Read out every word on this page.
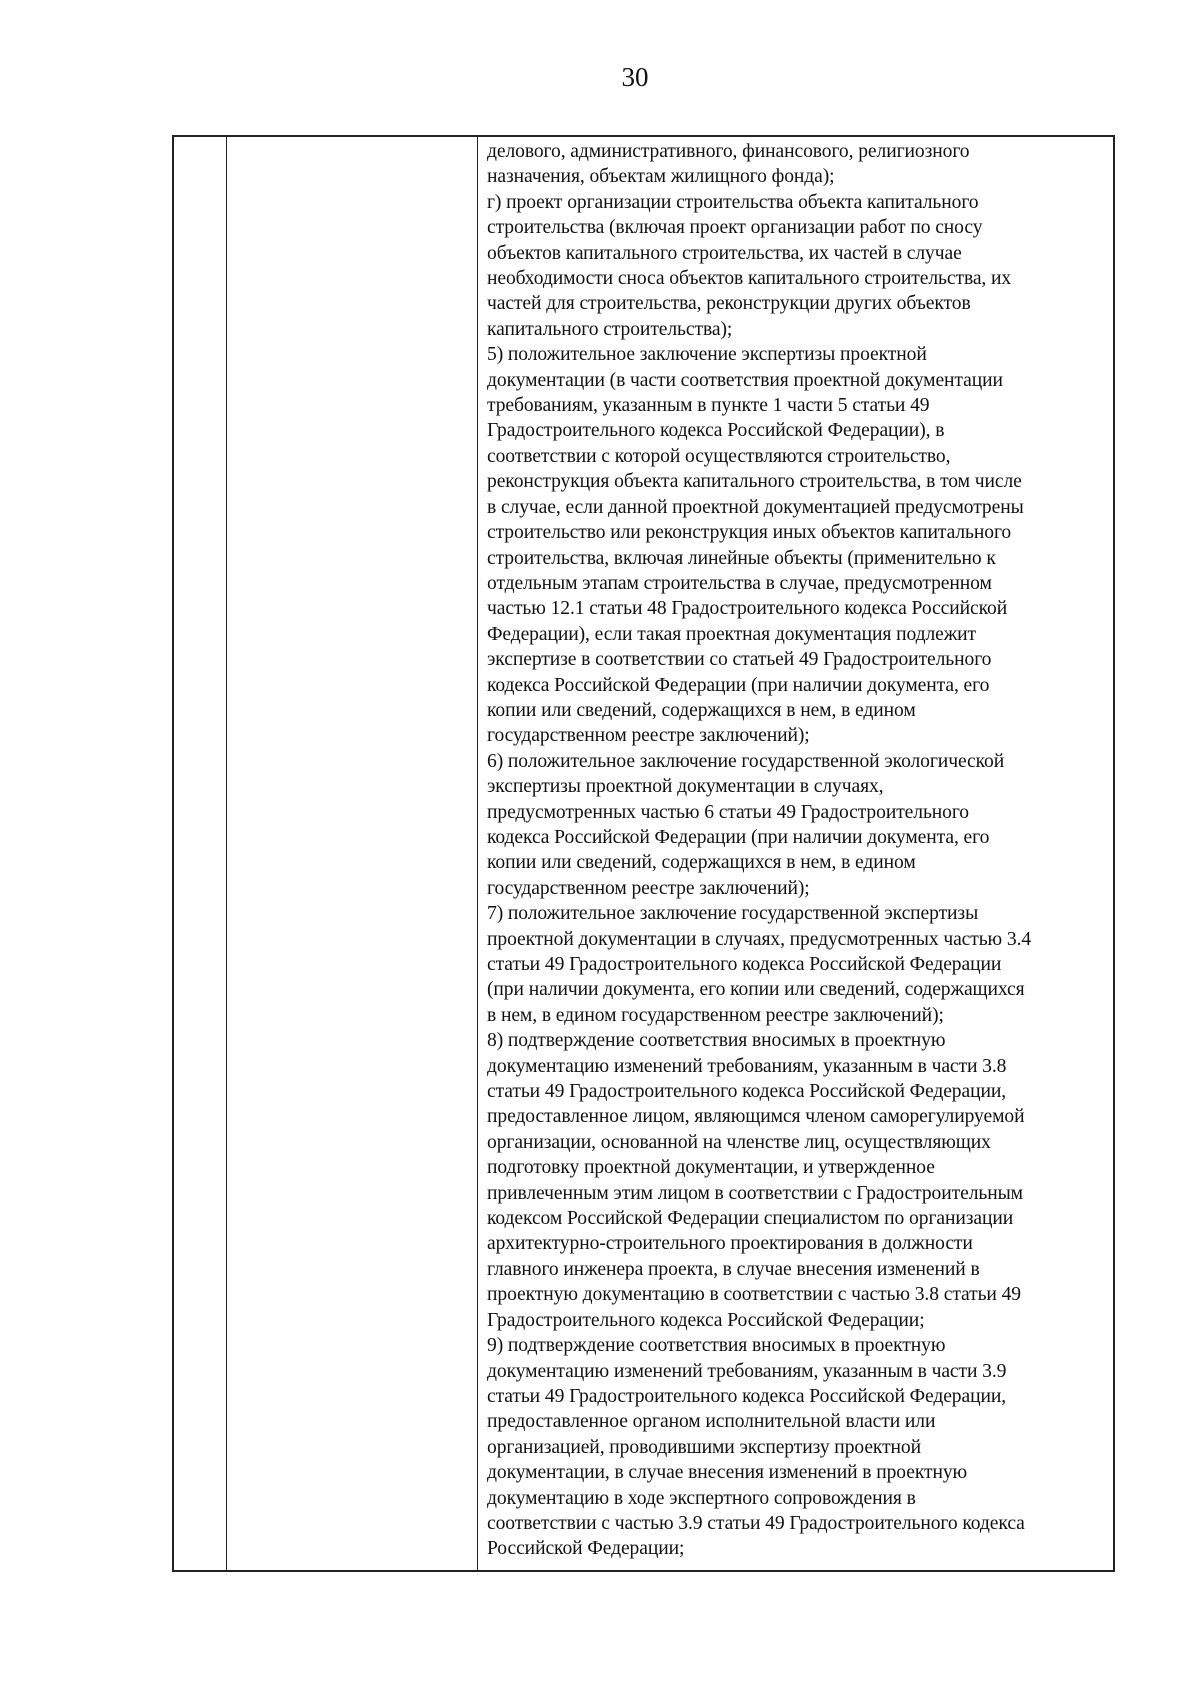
30
делового, административного, финансового, религиозного
назначения, объектам жилищного фонда);
г) проект организации строительства объекта капитального
строительства (включая проект организации работ по сносу
объектов капитального строительства, их частей в случае
необходимости сноса объектов капитального строительства, их
частей для строительства, реконструкции других объектов
капитального строительства);
5) положительное заключение экспертизы проектной
документации (в части соответствия проектной документации
требованиям, указанным в пункте 1 части 5 статьи 49
Градостроительного кодекса Российской Федерации), в
соответствии с которой осуществляются строительство,
реконструкция объекта капитального строительства, в том числе
в случае, если данной проектной документацией предусмотрены
строительство или реконструкция иных объектов капитального
строительства, включая линейные объекты (применительно к
отдельным этапам строительства в случае, предусмотренном
частью 12.1 статьи 48 Градостроительного кодекса Российской
Федерации), если такая проектная документация подлежит
экспертизе в соответствии со статьей 49 Градостроительного
кодекса Российской Федерации (при наличии документа, его
копии или сведений, содержащихся в нем, в едином
государственном реестре заключений);
6) положительное заключение государственной экологической
экспертизы проектной документации в случаях,
предусмотренных частью 6 статьи 49 Градостроительного
кодекса Российской Федерации (при наличии документа, его
копии или сведений, содержащихся в нем, в едином
государственном реестре заключений);
7) положительное заключение государственной экспертизы
проектной документации в случаях, предусмотренных частью 3.4
статьи 49 Градостроительного кодекса Российской Федерации
(при наличии документа, его копии или сведений, содержащихся
в нем, в едином государственном реестре заключений);
8) подтверждение соответствия вносимых в проектную
документацию изменений требованиям, указанным в части 3.8
статьи 49 Градостроительного кодекса Российской Федерации,
предоставленное лицом, являющимся членом саморегулируемой
организации, основанной на членстве лиц, осуществляющих
подготовку проектной документации, и утвержденное
привлеченным этим лицом в соответствии с Градостроительным
кодексом Российской Федерации специалистом по организации
архитектурно-строительного проектирования в должности
главного инженера проекта, в случае внесения изменений в
проектную документацию в соответствии с частью 3.8 статьи 49
Градостроительного кодекса Российской Федерации;
9) подтверждение соответствия вносимых в проектную
документацию изменений требованиям, указанным в части 3.9
статьи 49 Градостроительного кодекса Российской Федерации,
предоставленное органом исполнительной власти или
организацией, проводившими экспертизу проектной
документации, в случае внесения изменений в проектную
документацию в ходе экспертного сопровождения в
соответствии с частью 3.9 статьи 49 Градостроительного кодекса
Российской Федерации;
